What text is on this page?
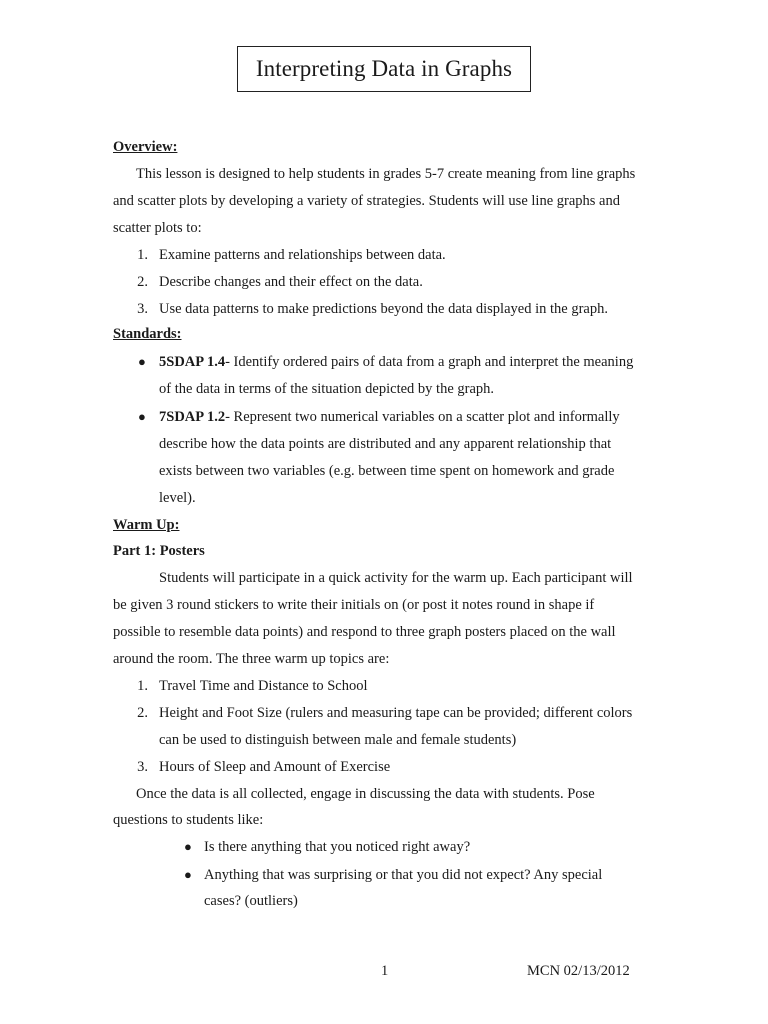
Interpreting Data in Graphs
Overview:
This lesson is designed to help students in grades 5-7 create meaning from line graphs
and scatter plots by developing a variety of strategies. Students will use line graphs and
scatter plots to:
1. Examine patterns and relationships between data.
2. Describe changes and their effect on the data.
3. Use data patterns to make predictions beyond the data displayed in the graph.
Standards:
● 5SDAP 1.4- Identify ordered pairs of data from a graph and interpret the meaning
of the data in terms of the situation depicted by the graph.
● 7SDAP 1.2- Represent two numerical variables on a scatter plot and informally
describe how the data points are distributed and any apparent relationship that
exists between two variables (e.g. between time spent on homework and grade
level).
Warm Up:
Part 1: Posters
Students will participate in a quick activity for the warm up. Each participant will
be given 3 round stickers to write their initials on (or post it notes round in shape if
possible to resemble data points) and respond to three graph posters placed on the wall
around the room. The three warm up topics are:
1. Travel Time and Distance to School
2. Height and Foot Size (rulers and measuring tape can be provided; different colors
can be used to distinguish between male and female students)
3. Hours of Sleep and Amount of Exercise
Once the data is all collected, engage in discussing the data with students. Pose
questions to students like:
● Is there anything that you noticed right away?
● Anything that was surprising or that you did not expect? Any special
cases? (outliers)
1	MCN 02/13/2012
